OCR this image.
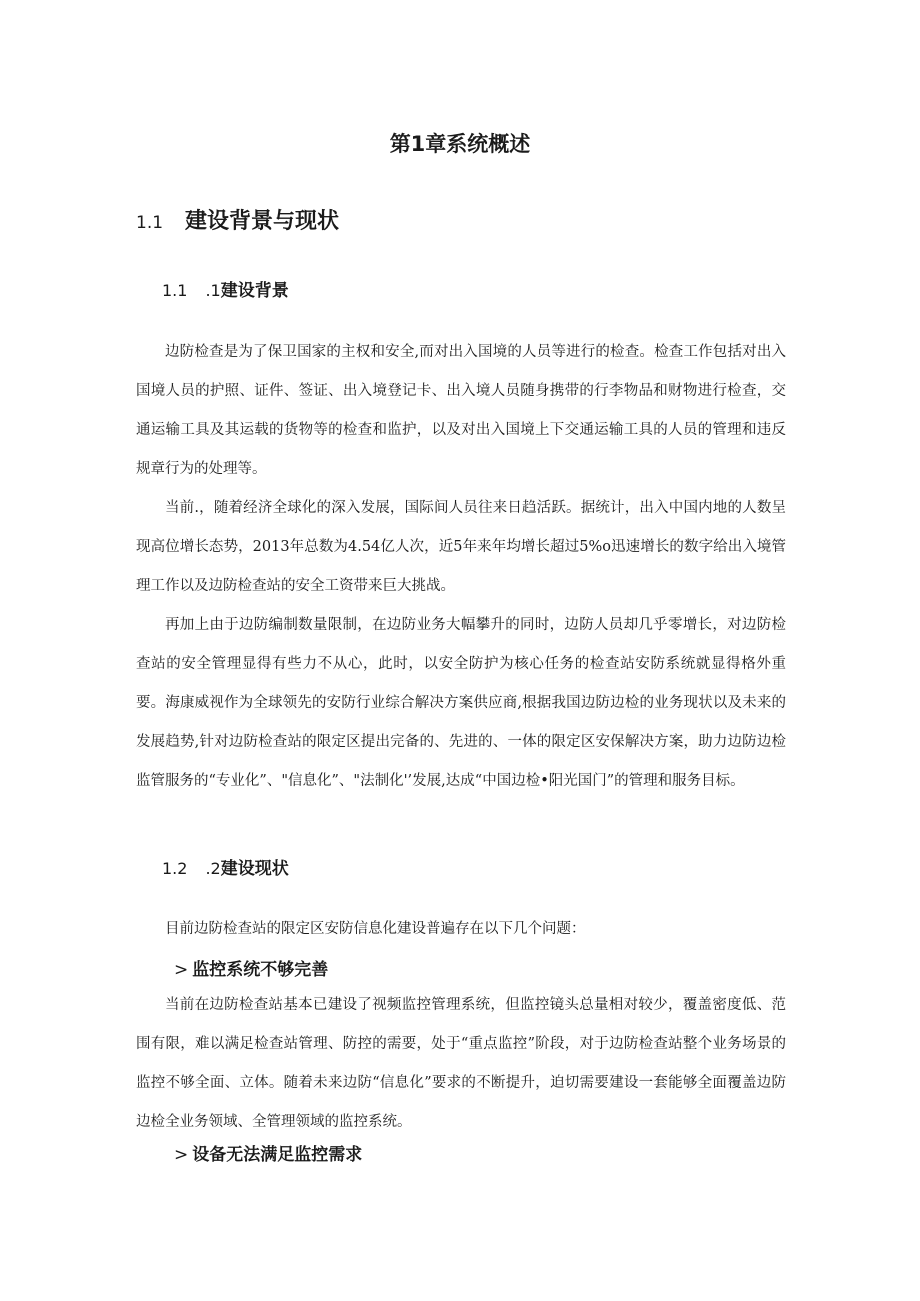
第1章系统概述
1.1 建设背景与现状
1.1 .1建设背景
边防检查是为了保卫国家的主权和安全,而对出入国境的人员等进行的检查。检查工作包括对出入国境人员的护照、证件、签证、出入境登记卡、出入境人员随身携带的行李物品和财物进行检查，交通运输工具及其运载的货物等的检查和监护，以及对出入国境上下交通运输工具的人员的管理和违反规章行为的处理等。
当前.，随着经济全球化的深入发展，国际间人员往来日趋活跃。据统计，出入中国内地的人数呈现高位增长态势，2013年总数为4.54亿人次，近5年来年均增长超过5%o迅速增长的数字给出入境管理工作以及边防检查站的安全工资带来巨大挑战。
再加上由于边防编制数量限制，在边防业务大幅攀升的同时，边防人员却几乎零增长，对边防检查站的安全管理显得有些力不从心，此时，以安全防护为核心任务的检查站安防系统就显得格外重要。海康威视作为全球领先的安防行业综合解决方案供应商,根据我国边防边检的业务现状以及未来的发展趋势,针对边防检查站的限定区提出完备的、先进的、一体的限定区安保解决方案，助力边防边检监管服务的“专业化”、"信息化”、"法制化'’发展,达成“中国边检•阳光国门”的管理和服务目标。
1.2 .2建设现状
目前边防检查站的限定区安防信息化建设普遍存在以下几个问题：
> 监控系统不够完善
当前在边防检查站基本已建设了视频监控管理系统，但监控镜头总量相对较少，覆盖密度低、范围有限，难以满足检查站管理、防控的需要，处于“重点监控”阶段，对于边防检查站整个业务场景的监控不够全面、立体。随着未来边防“信息化”要求的不断提升，迫切需要建设一套能够全面覆盖边防边检全业务领域、全管理领域的监控系统。
> 设备无法满足监控需求
